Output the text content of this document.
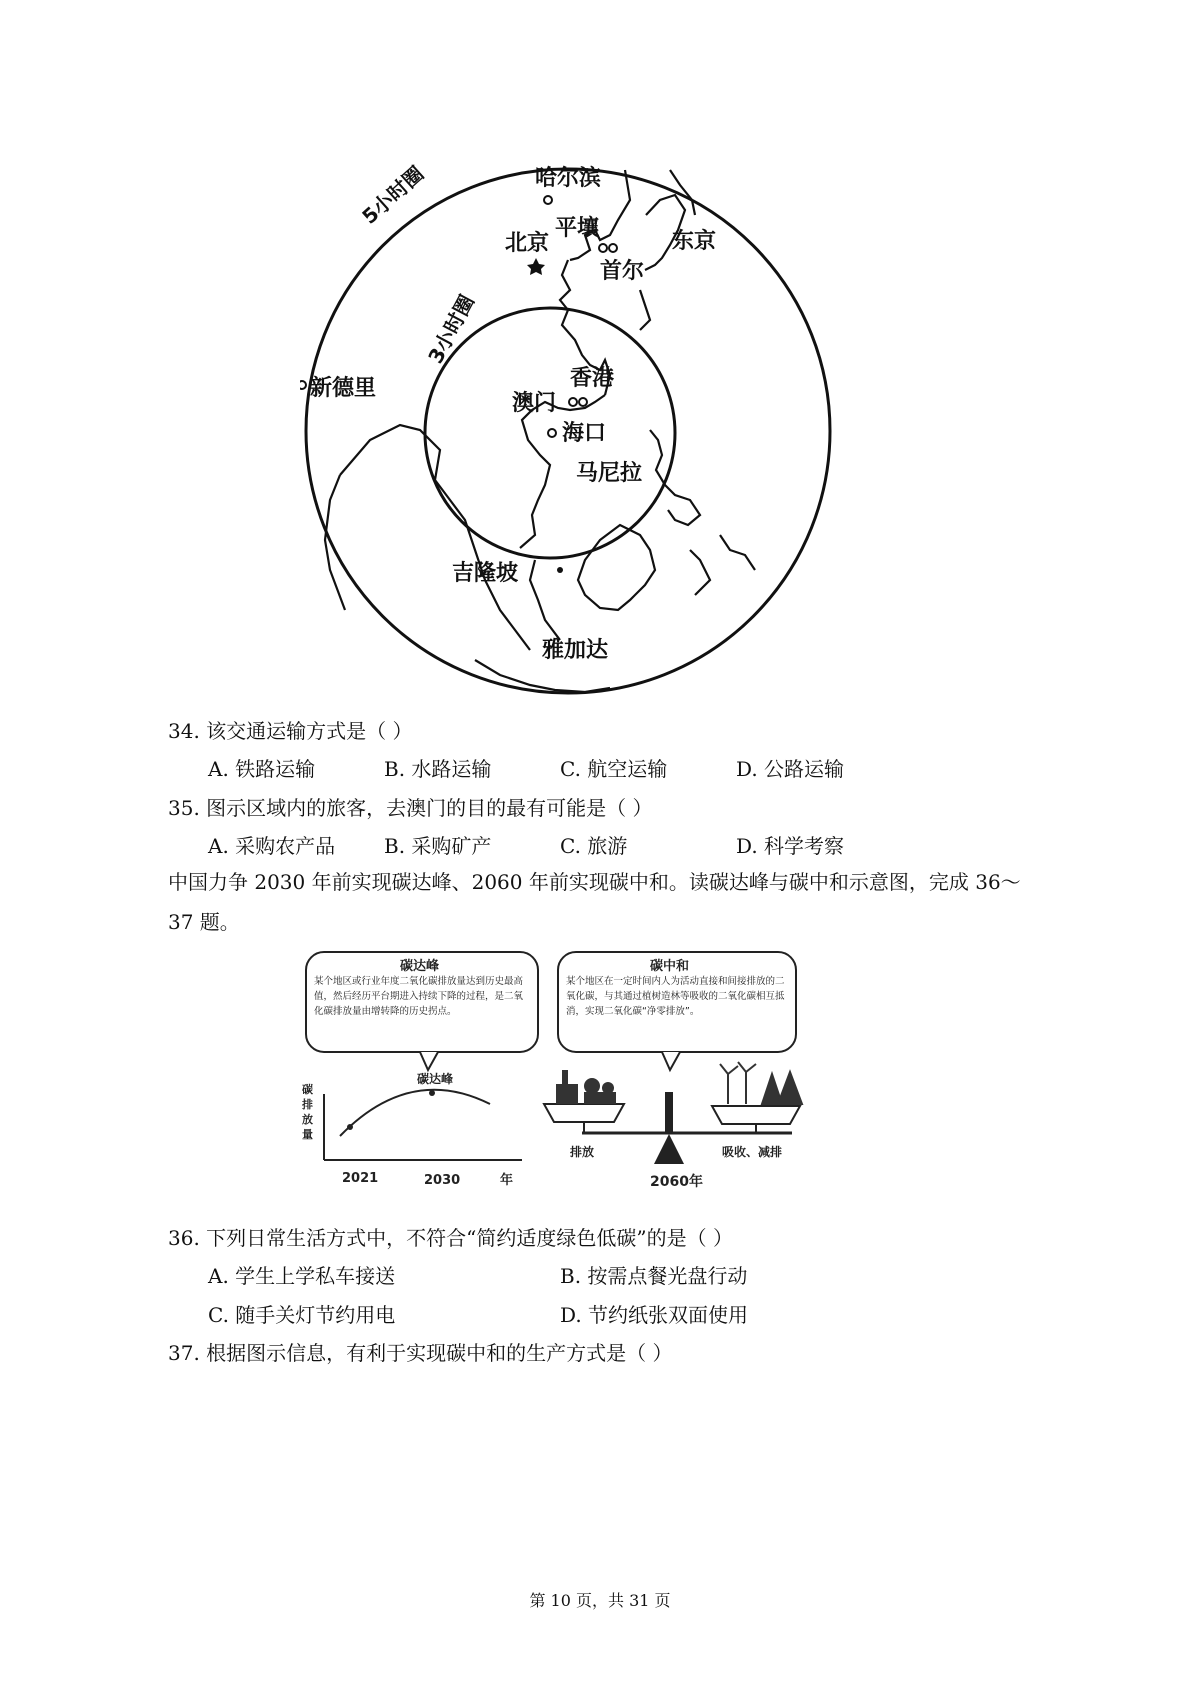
5小时圈
3小时圈
哈尔滨
平壤
北京	东京
首尔
新德里	香港
澳门
海口
马尼拉
吉隆坡
雅加达
34. 该交通运输方式是（ ）
A. 铁路运输	B. 水路运输	C. 航空运输	D. 公路运输
35. 图示区域内的旅客，去澳门的目的最有可能是（ ）
A. 采购农产品 B. 采购矿产	C. 旅游	D. 科学考察
中国力争 2030 年前实现碳达峰、2060 年前实现碳中和。读碳达峰与碳中和示意图，完成 36～
37 题。
碳达峰
某个地区或行业年度二氧化碳排放量达到历史最高值，然后经历平台期进入持续下降的过程，是二氧化碳排放量由增转降的历史拐点。
碳中和
某个地区在一定时间内人为活动直接和间接排放的二氧化碳，与其通过植树造林等吸收的二氧化碳相互抵消，实现二氧化碳“净零排放”。
碳排放量
碳达峰
2021	2030	年
排放	吸收、减排
2060年
36. 下列日常生活方式中，不符合“简约适度绿色低碳”的是（ ）
A. 学生上学私车接送	B. 按需点餐光盘行动
C. 随手关灯节约用电	D. 节约纸张双面使用
37. 根据图示信息，有利于实现碳中和的生产方式是（ ）
第 10 页，共 31 页
